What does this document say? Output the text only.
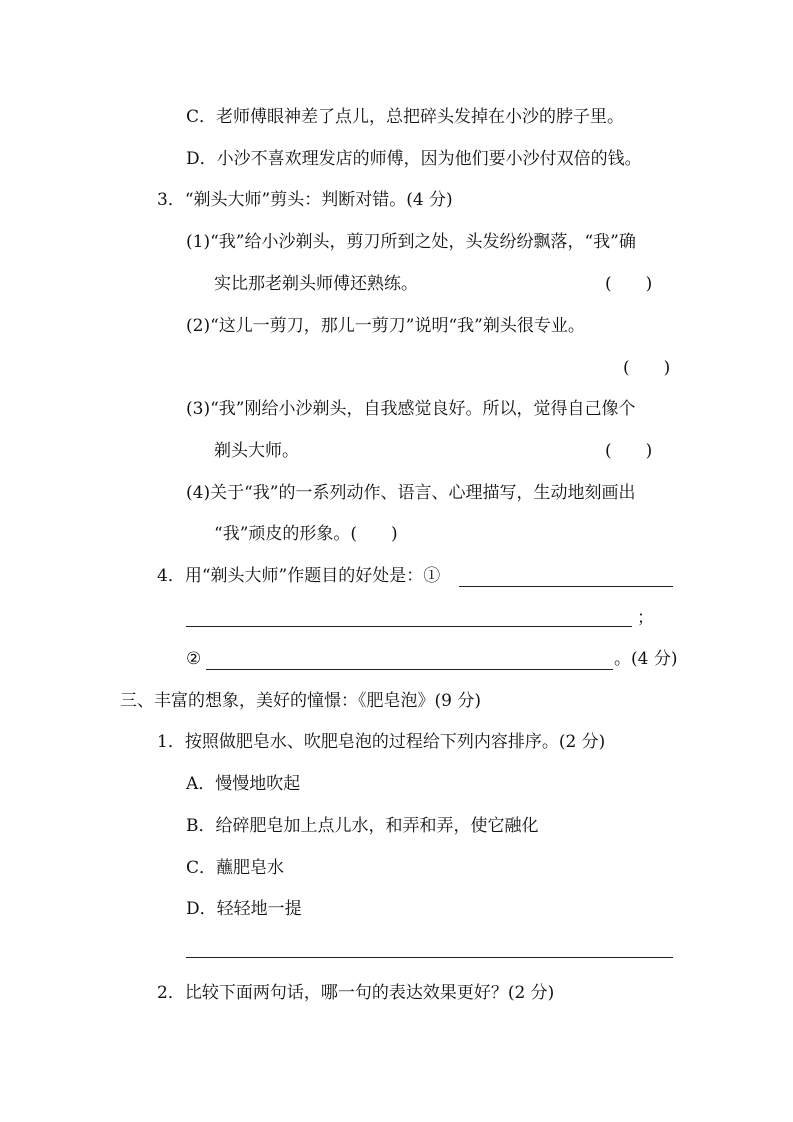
C．老师傅眼神差了点儿，总把碎头发掉在小沙的脖子里。
D．小沙不喜欢理发店的师傅，因为他们要小沙付双倍的钱。
3．“剃头大师”剪头：判断对错。(4 分)
(1)“我”给小沙剃头，剪刀所到之处，头发纷纷飘落，“我”确
实比那老剃头师傅还熟练。	(　　)
(2)“这儿一剪刀，那儿一剪刀”说明“我”剃头很专业。
(　　)
(3)“我”刚给小沙剃头，自我感觉良好。所以，觉得自己像个
剃头大师。	(　　)
(4)关于“我”的一系列动作、语言、心理描写，生动地刻画出
“我”顽皮的形象。(　　)
4．用“剃头大师”作题目的好处是：①
；
②	。(4 分)
三、丰富的想象，美好的憧憬：《肥皂泡》(9 分)
1．按照做肥皂水、吹肥皂泡的过程给下列内容排序。(2 分)
A．慢慢地吹起
B．给碎肥皂加上点儿水，和弄和弄，使它融化
C．蘸肥皂水
D．轻轻地一提
2．比较下面两句话，哪一句的表达效果更好？(2 分)
